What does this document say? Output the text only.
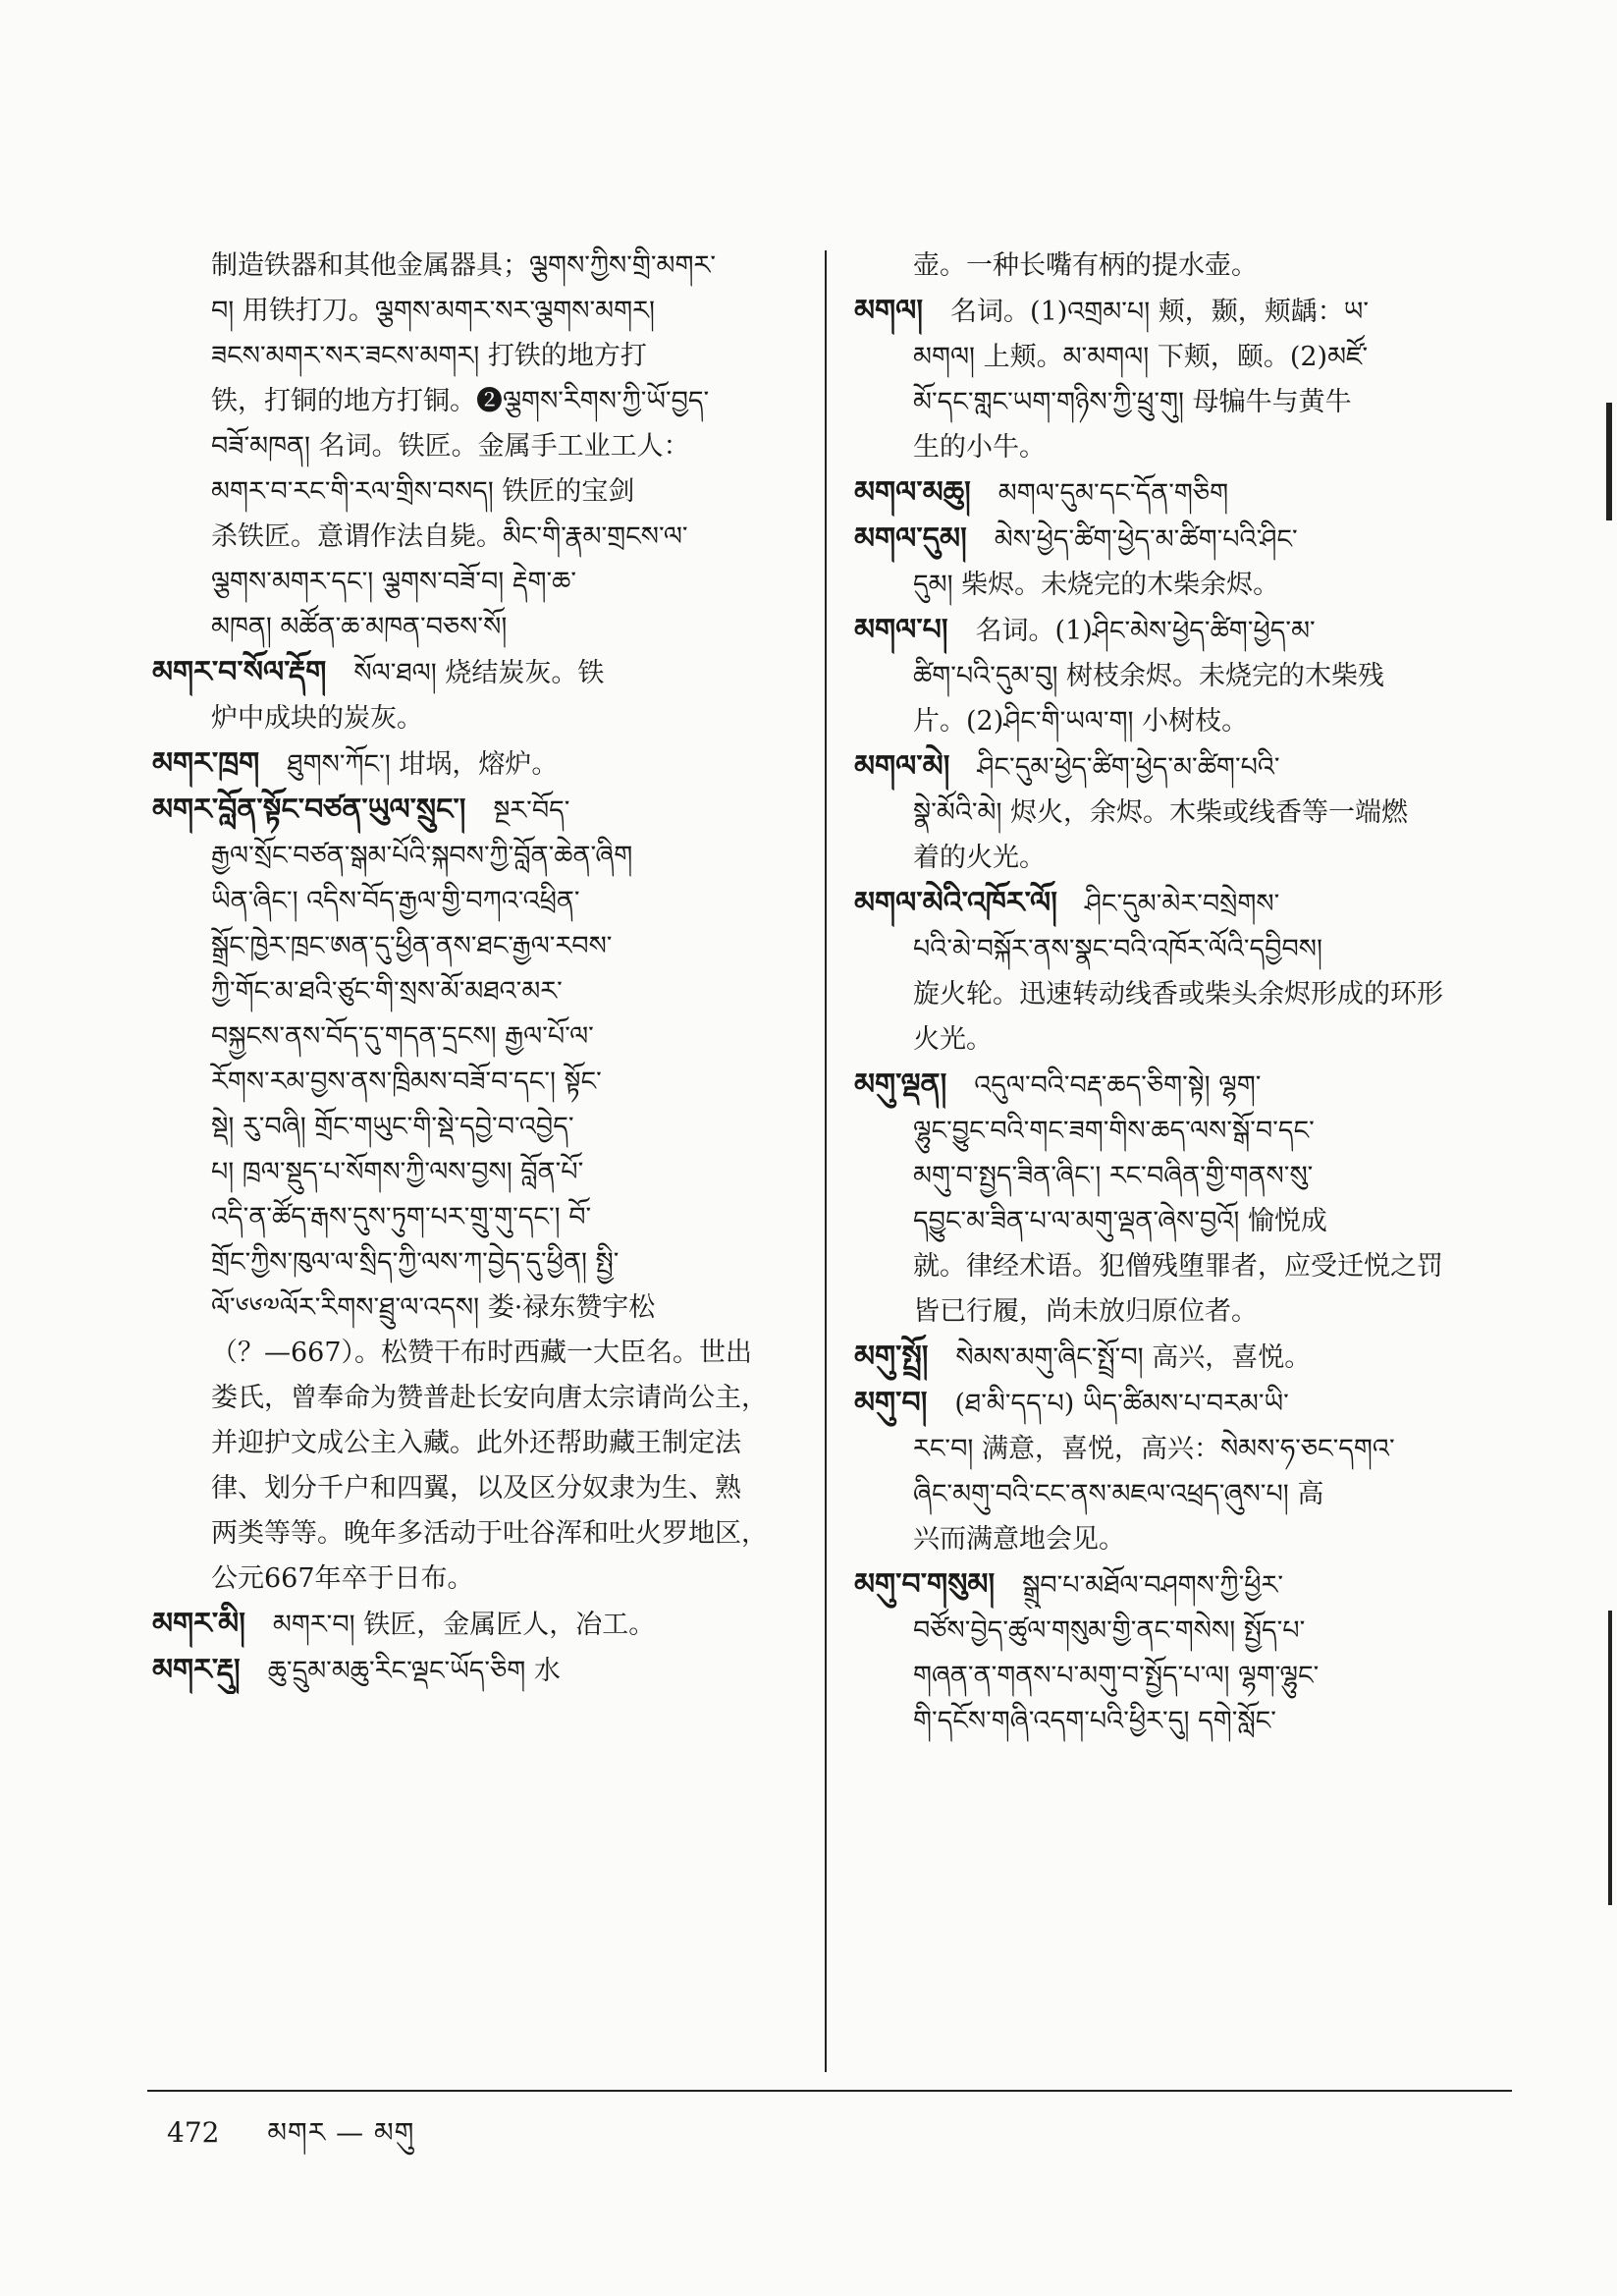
制造铁器和其他金属器具；ལྕགས་ཀྱིས་གྲི་མགར་
བ། 用铁打刀。ལྕགས་མགར་སར་ལྕགས་མགར།
ཟངས་མགར་སར་ཟངས་མགར། 打铁的地方打
铁，打铜的地方打铜。❷ལྕགས་རིགས་ཀྱི་ཡོ་བྱད་
བཟོ་མཁན། 名词。铁匠。金属手工业工人：
མགར་བ་རང་གི་རལ་གྲིས་བསད། 铁匠的宝剑
杀铁匠。意谓作法自毙。མིང་གི་རྣམ་གྲངས་ལ་
ལྕགས་མགར་དང་། ལྕགས་བཟོ་བ། རྡེག་ཆ་
མཁན། མཚོན་ཆ་མཁན་བཅས་སོ།
མགར་བ་སོལ་རྡོག སོལ་ཐལ། 烧结炭灰。铁
炉中成块的炭灰。
མགར་ཁྲག ཐུགས་ཀོང་། 坩埚，熔炉。
མགར་བློན་སྟོང་བཙན་ཡུལ་སྲུང་། སྔར་བོད་
རྒྱལ་སྲོང་བཙན་སྒམ་པོའི་སྐབས་ཀྱི་བློན་ཆེན་ཞིག
ཡིན་ཞིང་། འདིས་བོད་རྒྱལ་གྱི་བཀའ་འཕྲིན་
སྒྲོང་ཁྱེར་ཁྲང་ཨན་དུ་ཕྱིན་ནས་ཐང་རྒྱལ་རབས་
ཀྱི་གོང་མ་ཐའི་ཙུང་གི་སྲས་མོ་མཐའ་མར་
བསྐྱངས་ནས་བོད་དུ་གདན་དྲངས། རྒྱལ་པོ་ལ་
རོགས་རམ་བྱས་ནས་ཁྲིམས་བཟོ་བ་དང་། སྟོང་
སྡེ། རུ་བཞི། གྲོང་གཡུང་གི་སྡེ་དབྱེ་བ་འབྱེད་
པ། ཁྲལ་སྡུད་པ་སོགས་ཀྱི་ལས་བྱས། བློན་པོ་
འདི་ན་ཚོད་རྒས་དུས་ཏུག་པར་གྲུ་གུ་དང་། བོ་
གྲོང་ཀྱིས་ཁུལ་ལ་སྲིད་ཀྱི་ལས་ཀ་བྱེད་དུ་ཕྱིན། སྤྱི་
ལོ་༦༦༧ལོར་རིགས་ཐྲུ་ལ་འདས། 娄·禄东赞宇松
（？—667）。松赞干布时西藏一大臣名。世出
娄氏，曾奉命为赞普赴长安向唐太宗请尚公主，
并迎护文成公主入藏。此外还帮助藏王制定法
律、划分千户和四翼，以及区分奴隶为生、熟
两类等等。晚年多活动于吐谷浑和吐火罗地区，
公元667年卒于日布。
མགར་མི། མགར་བ། 铁匠，金属匠人，冶工。
མགར་རྡུ། ཆུ་དྲུམ་མཆུ་རིང་ལྡང་ཡོད་ཅིག 水
壶。一种长嘴有柄的提水壶。
མགལ། 名词。(1)འགྲམ་པ། 颊，颞，颊龋：ཡ་
མགལ། 上颊。མ་མགལ། 下颊，颐。(2)མཛོ་
མོ་དང་གླང་ཡག་གཉིས་ཀྱི་ཕྲུ་གུ། 母犏牛与黄牛
生的小牛。
མགལ་མཆུ། མགལ་དུམ་དང་དོན་གཅིག
མགལ་དུམ། མེས་ཕྱེད་ཚིག་ཕྱེད་མ་ཚིག་པའི་ཤིང་
དུམ། 柴烬。未烧完的木柴余烬。
མགལ་པ། 名词。(1)ཤིང་མེས་ཕྱེད་ཚིག་ཕྱེད་མ་
ཚིག་པའི་དུམ་བུ། 树枝余烬。未烧完的木柴残
片。(2)ཤིང་གི་ཡལ་ག། 小树枝。
མགལ་མེ། ཤིང་དུམ་ཕྱེད་ཚིག་ཕྱེད་མ་ཚིག་པའི་
སྣེ་མོའི་མེ། 烬火，余烬。木柴或线香等一端燃
着的火光。
མགལ་མེའི་འཁོར་ལོ། ཤིང་དུམ་མེར་བསྲེགས་
པའི་མེ་བསྐོར་ནས་སྣང་བའི་འཁོར་ལོའི་དབྱིབས།
旋火轮。迅速转动线香或柴头余烬形成的环形
火光。
མགུ་ལྡན། འདུལ་བའི་བརྡ་ཆད་ཅིག་སྟེ། ལྷག་
ལྷུང་བྱུང་བའི་གང་ཟག་གིས་ཆད་ལས་སྒོ་བ་དང་
མགུ་བ་སྤྱད་ཟིན་ཞིང་། རང་བཞིན་གྱི་གནས་སུ་
དབྱུང་མ་ཟིན་པ་ལ་མགུ་ལྡན་ཞེས་བྱའོ། 愉悦成
就。律经术语。犯僧残堕罪者，应受迁悦之罚
皆已行履，尚未放归原位者。
མགུ་སྤྲོ། སེམས་མགུ་ཞིང་སྤྲོ་བ། 高兴，喜悦。
མགུ་བ། (ཐ་མི་དད་པ) ཡིད་ཚིམས་པ་བརམ་ཡི་
རང་བ། 满意，喜悦，高兴：སེམས་ཧ་ཅང་དགའ་
ཞིང་མགུ་བའི་ངང་ནས་མཇལ་འཕྲད་ཞུས་པ། 高
兴而满意地会见。
མགུ་བ་གསུམ། སྒྲུབ་པ་མཐོལ་བཤགས་ཀྱི་ཕྱིར་
བཙོས་བྱེད་ཚུལ་གསུམ་གྱི་ནང་གསེས། སྤྱོད་པ་
གཞན་ན་གནས་པ་མགུ་བ་སྤྱོད་པ་ལ། ལྷག་ལྷུང་
གི་དངོས་གཞི་འདག་པའི་ཕྱིར་དུ། དགེ་སློང་
472 མགར — མགུ
